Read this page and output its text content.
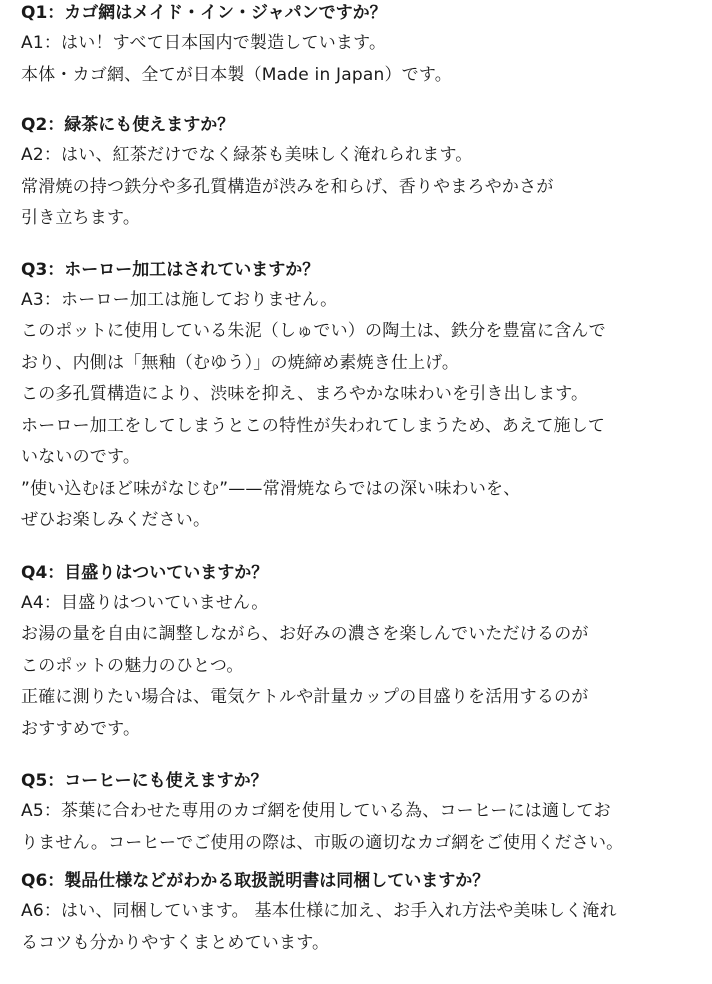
Q1：カゴ網はメイド・イン・ジャパンですか？

A1：はい！すべて日本国内で製造しています。

本体・カゴ網、全てが日本製（Made in Japan）です。

Q2：緑茶にも使えますか？

A2：はい、紅茶だけでなく緑茶も美味しく淹れられます。

常滑焼の持つ鉄分や多孔質構造が渋みを和らげ、香りやまろやかさが

引き立ちます。

Q3：ホーロー加工はされていますか？

A3：ホーロー加工は施しておりません。

このポットに使用している朱泥（しゅでい）の陶土は、鉄分を豊富に含んで

おり、内側は「無釉（むゆう）」の焼締め素焼き仕上げ。

この多孔質構造により、渋味を抑え、まろやかな味わいを引き出します。

ホーロー加工をしてしまうとこの特性が失われてしまうため、あえて施して

いないのです。

”使い込むほど味がなじむ”——常滑焼ならではの深い味わいを、

ぜひお楽しみください。

Q4：目盛りはついていますか？

A4：目盛りはついていません。

お湯の量を自由に調整しながら、お好みの濃さを楽しんでいただけるのが

このポットの魅力のひとつ。

正確に測りたい場合は、電気ケトルや計量カップの目盛りを活用するのが

おすすめです。

Q5：コーヒーにも使えますか？

A5：茶葉に合わせた専用のカゴ網を使用している為、コーヒーには適してお

りません。コーヒーでご使用の際は、市販の適切なカゴ網をご使用ください。

Q6：製品仕様などがわかる取扱説明書は同梱していますか？

A6：はい、同梱しています。 基本仕様に加え、お手入れ方法や美味しく淹れ

るコツも分かりやすくまとめています。
